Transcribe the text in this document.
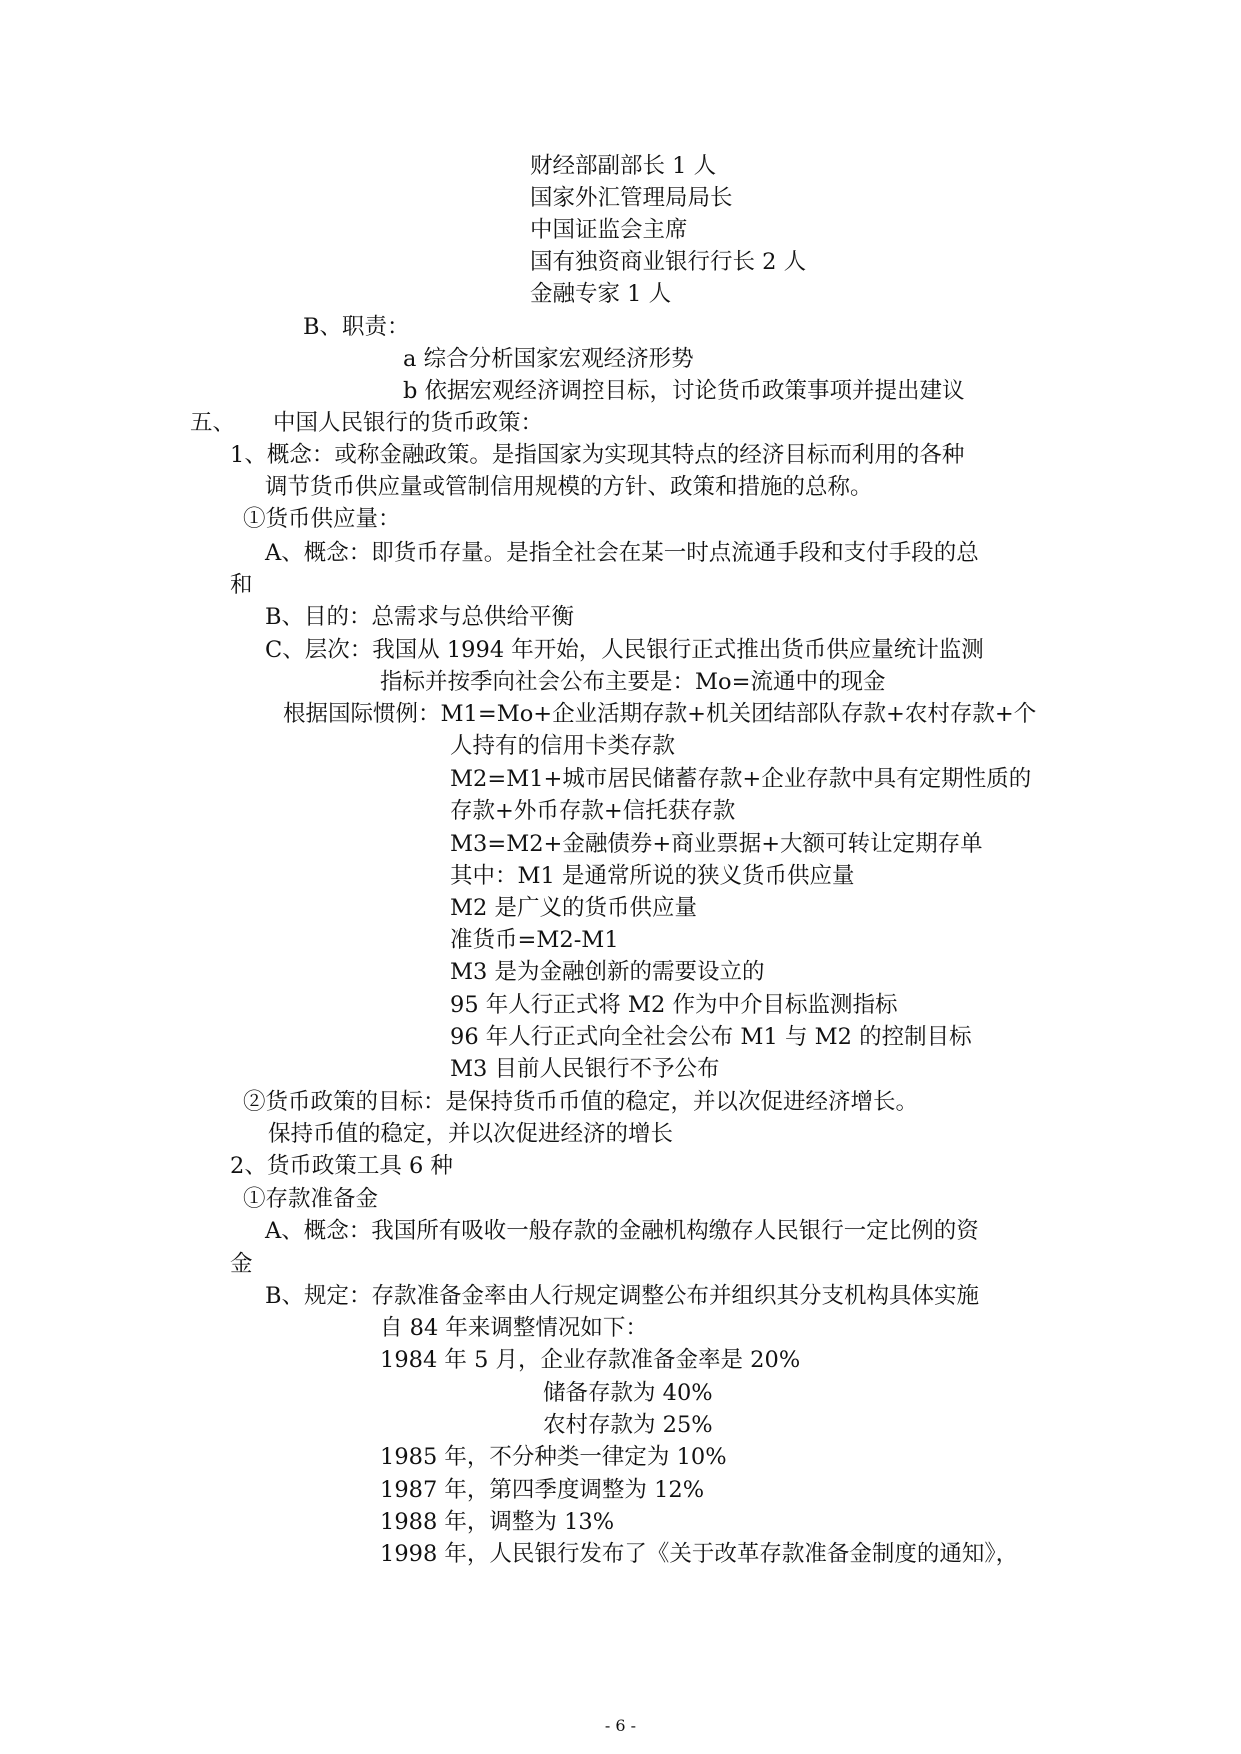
财经部副部长 1 人
国家外汇管理局局长
中国证监会主席
国有独资商业银行行长 2 人
金融专家 1 人
B、职责：
a 综合分析国家宏观经济形势
b 依据宏观经济调控目标，讨论货币政策事项并提出建议
五、 中国人民银行的货币政策：
1、概念：或称金融政策。是指国家为实现其特点的经济目标而利用的各种
调节货币供应量或管制信用规模的方针、政策和措施的总称。
①货币供应量：
A、概念：即货币存量。是指全社会在某一时点流通手段和支付手段的总
和
B、目的：总需求与总供给平衡
C、层次：我国从 1994 年开始，人民银行正式推出货币供应量统计监测
指标并按季向社会公布主要是：Mo=流通中的现金
根据国际惯例：M1=Mo+企业活期存款+机关团结部队存款+农村存款+个
人持有的信用卡类存款
M2=M1+城市居民储蓄存款+企业存款中具有定期性质的
存款+外币存款+信托获存款
M3=M2+金融债券+商业票据+大额可转让定期存单
其中：M1 是通常所说的狭义货币供应量
M2 是广义的货币供应量
准货币=M2-M1
M3 是为金融创新的需要设立的
95 年人行正式将 M2 作为中介目标监测指标
96 年人行正式向全社会公布 M1 与 M2 的控制目标
M3 目前人民银行不予公布
②货币政策的目标：是保持货币币值的稳定，并以次促进经济增长。
保持币值的稳定，并以次促进经济的增长
2、货币政策工具 6 种
①存款准备金
A、概念：我国所有吸收一般存款的金融机构缴存人民银行一定比例的资
金
B、规定：存款准备金率由人行规定调整公布并组织其分支机构具体实施
自 84 年来调整情况如下：
1984 年 5 月，企业存款准备金率是 20%
储备存款为 40%
农村存款为 25%
1985 年，不分种类一律定为 10%
1987 年，第四季度调整为 12%
1988 年，调整为 13%
1998 年，人民银行发布了《关于改革存款准备金制度的通知》，
- 6 -
